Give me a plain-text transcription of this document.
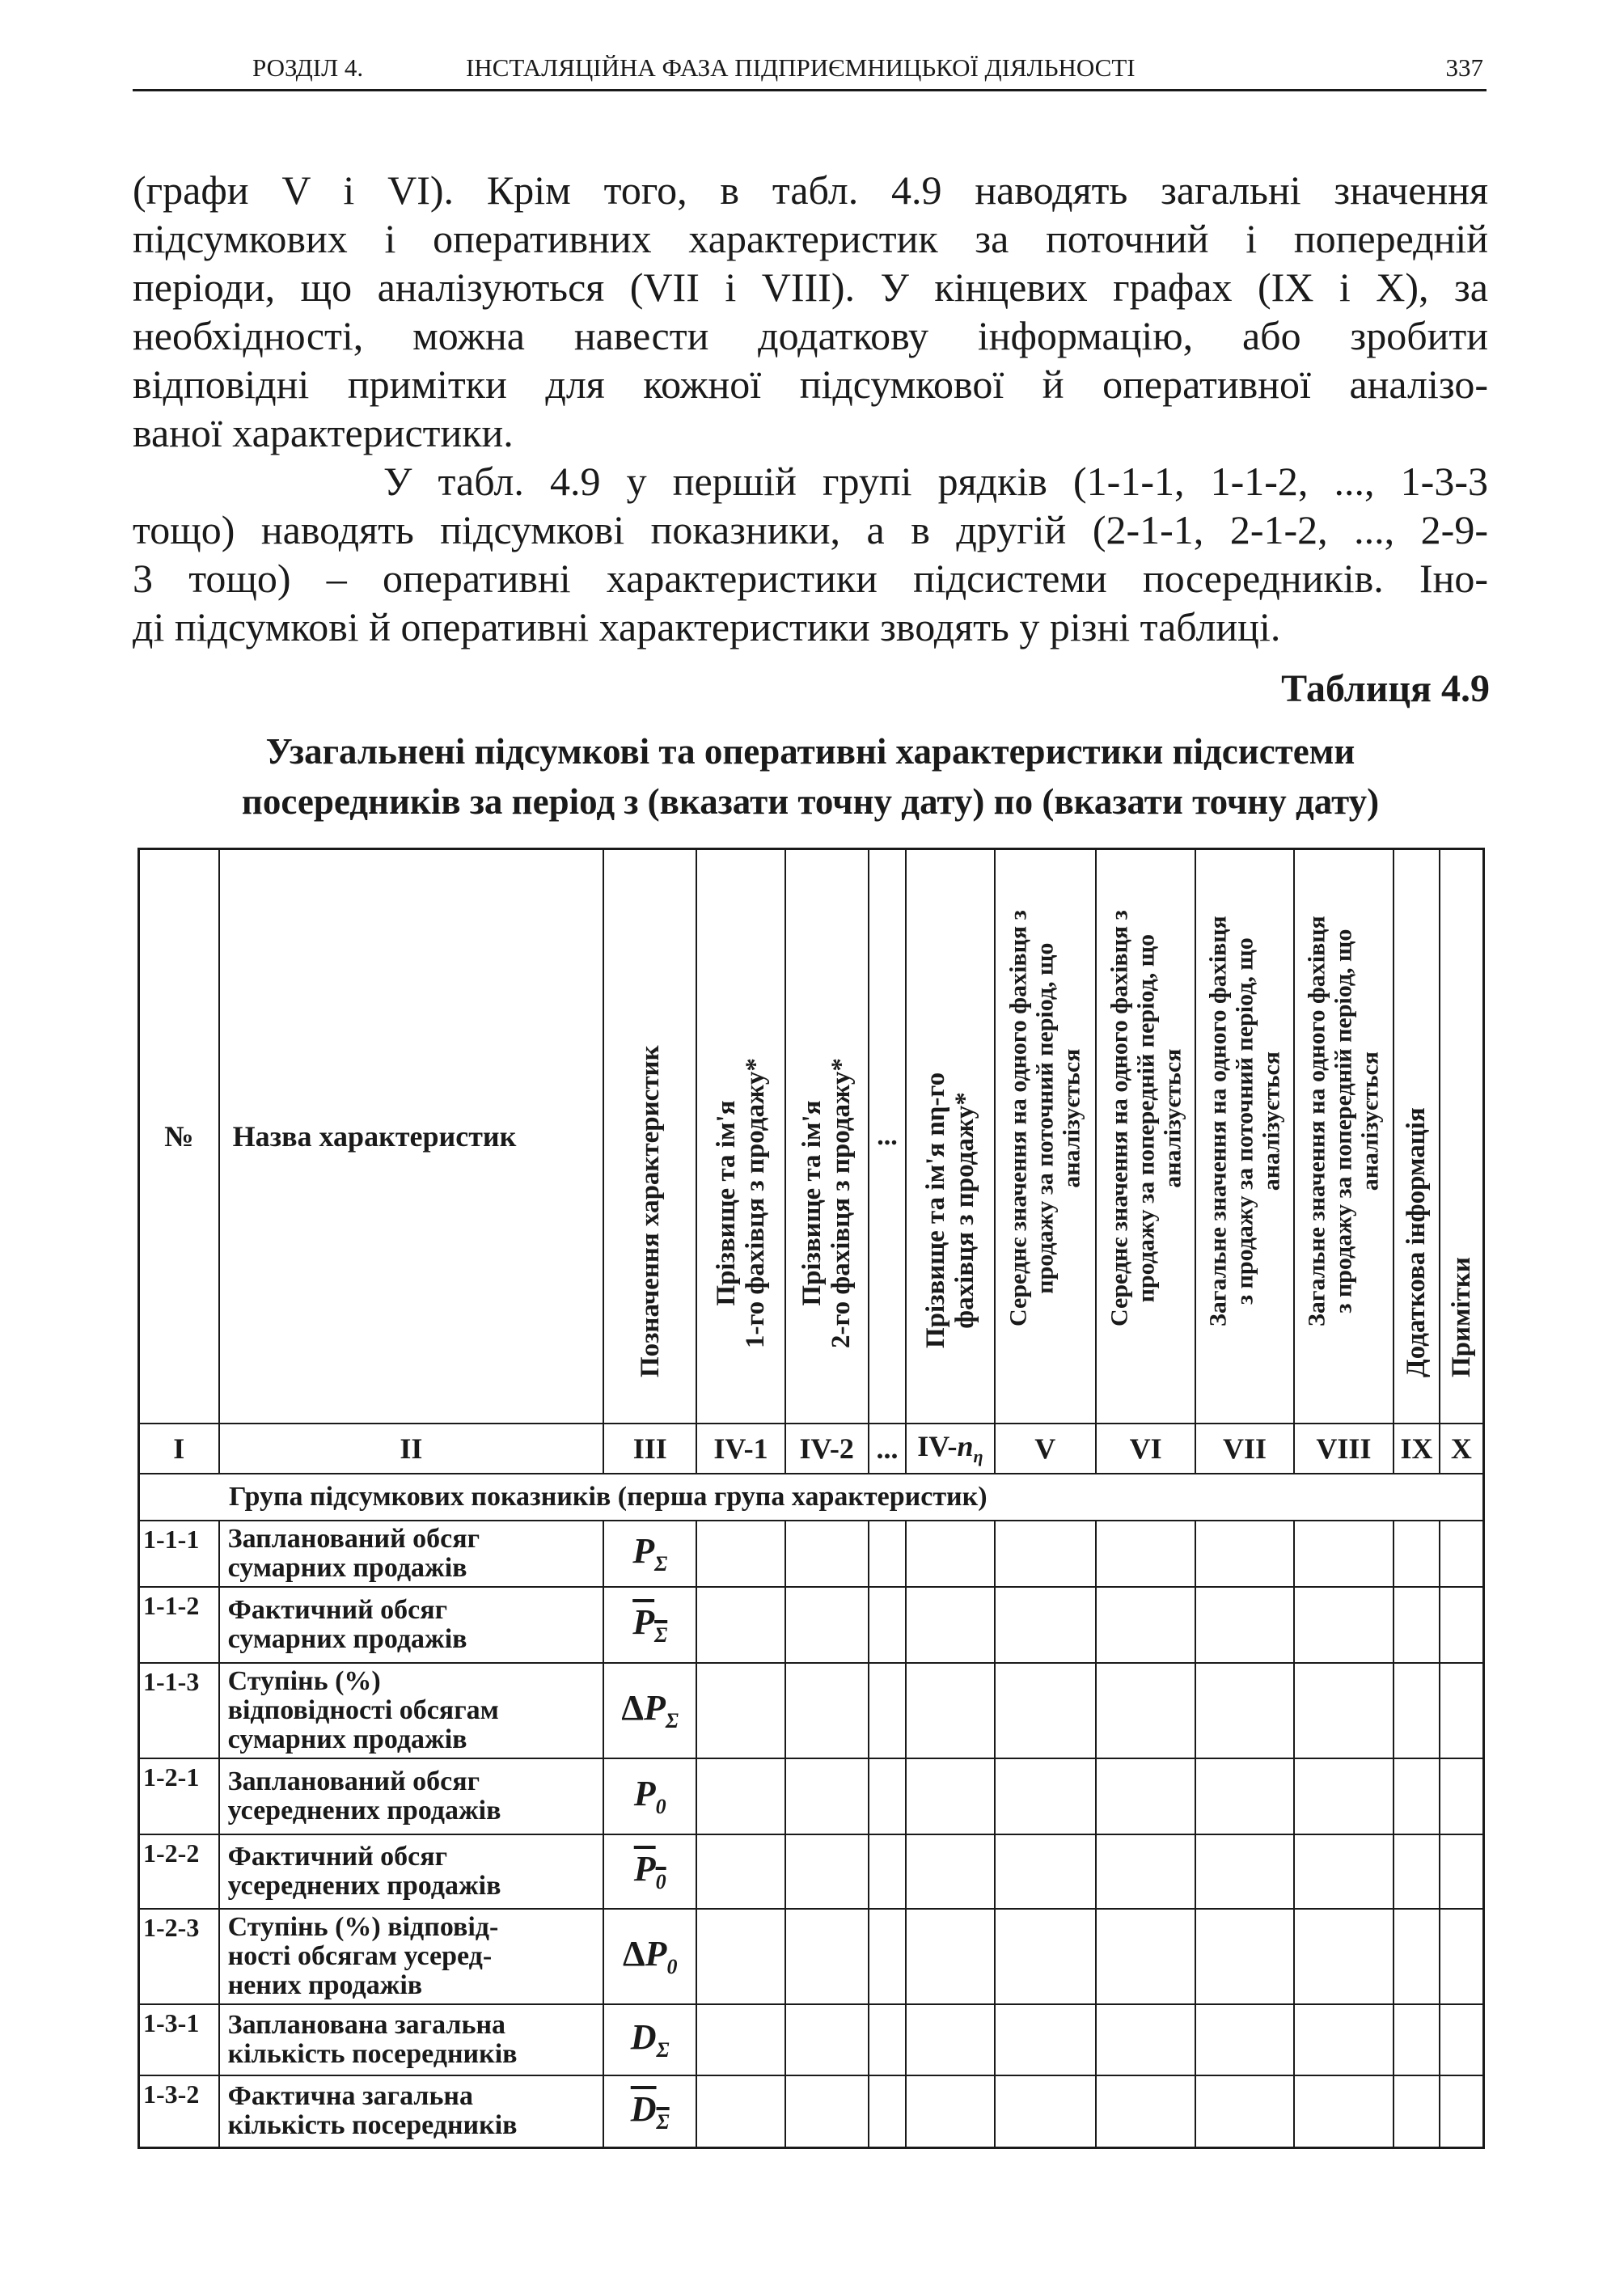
РОЗДІЛ 4.	ІНСТАЛЯЦІЙНА ФАЗА ПІДПРИЄМНИЦЬКОЇ ДІЯЛЬНОСТІ	337
(графи V і VI). Крім того, в табл. 4.9 наводять загальні значення
підсумкових і оперативних характеристик за поточний і попередній
періоди, що аналізуються (VII і VIII). У кінцевих графах (IX і X), за
необхідності, можна навести додаткову інформацію, або зробити
відповідні примітки для кожної підсумкової й оперативної аналізо-
ваної характеристики.
У табл. 4.9 у першій групі рядків (1-1-1, 1-1-2, ..., 1-3-3
тощо) наводять підсумкові показники, а в другій (2-1-1, 2-1-2, ..., 2-9-
3 тощо) – оперативні характеристики підсистеми посередників. Іно-
ді підсумкові й оперативні характеристики зводять у різні таблиці.
Таблиця 4.9
Узагальнені підсумкові та оперативні характеристики підсистеми
посередників за період з (вказати точну дату) по (вказати точну дату)
№	Назва характеристик	Позначення характеристик	Прізвище та ім'я 1-го фахівця з продажу*	Прізвище та ім'я 2-го фахівця з продажу*	...	Прізвище та ім'я nη-го фахівця з продажу*	Середнє значення на одного фахівця з продажу за поточний період, що аналізується	Середнє значення на одного фахівця з продажу за попередній період, що аналізується	Загальне значення на одного фахівця з продажу за поточний період, що аналізується	Загальне значення на одного фахівця з продажу за попередній період, що аналізується	Додаткова інформація	Примітки

I	II	III	IV-1	IV-2	...	$IV-n_\eta$	V	VI	VII	VIII	IX	X
Група підсумкових показників (перша група характеристик)												
1-1-1	Запланований обсяг
сумарних продажів	$P_\Sigma$										
1-1-2	Фактичний обсяг
сумарних продажів	$P_\Sigma$										
1-1-3	Ступінь (%)
відповідності обсягам
сумарних продажів	$\Delta P_\Sigma$										
1-2-1	Запланований обсяг
усереднених продажів	$P_0$										
1-2-2	Фактичний обсяг
усереднених продажів	$P_0$										
1-2-3	Ступінь (%) відповід-
ності обсягам усеред-
нених продажів	$\Delta P_0$										
1-3-1	Запланована загальна
кількість посередників	$D_\Sigma$										
1-3-2	Фактична загальна
кількість посередників	$D_\Sigma$										
